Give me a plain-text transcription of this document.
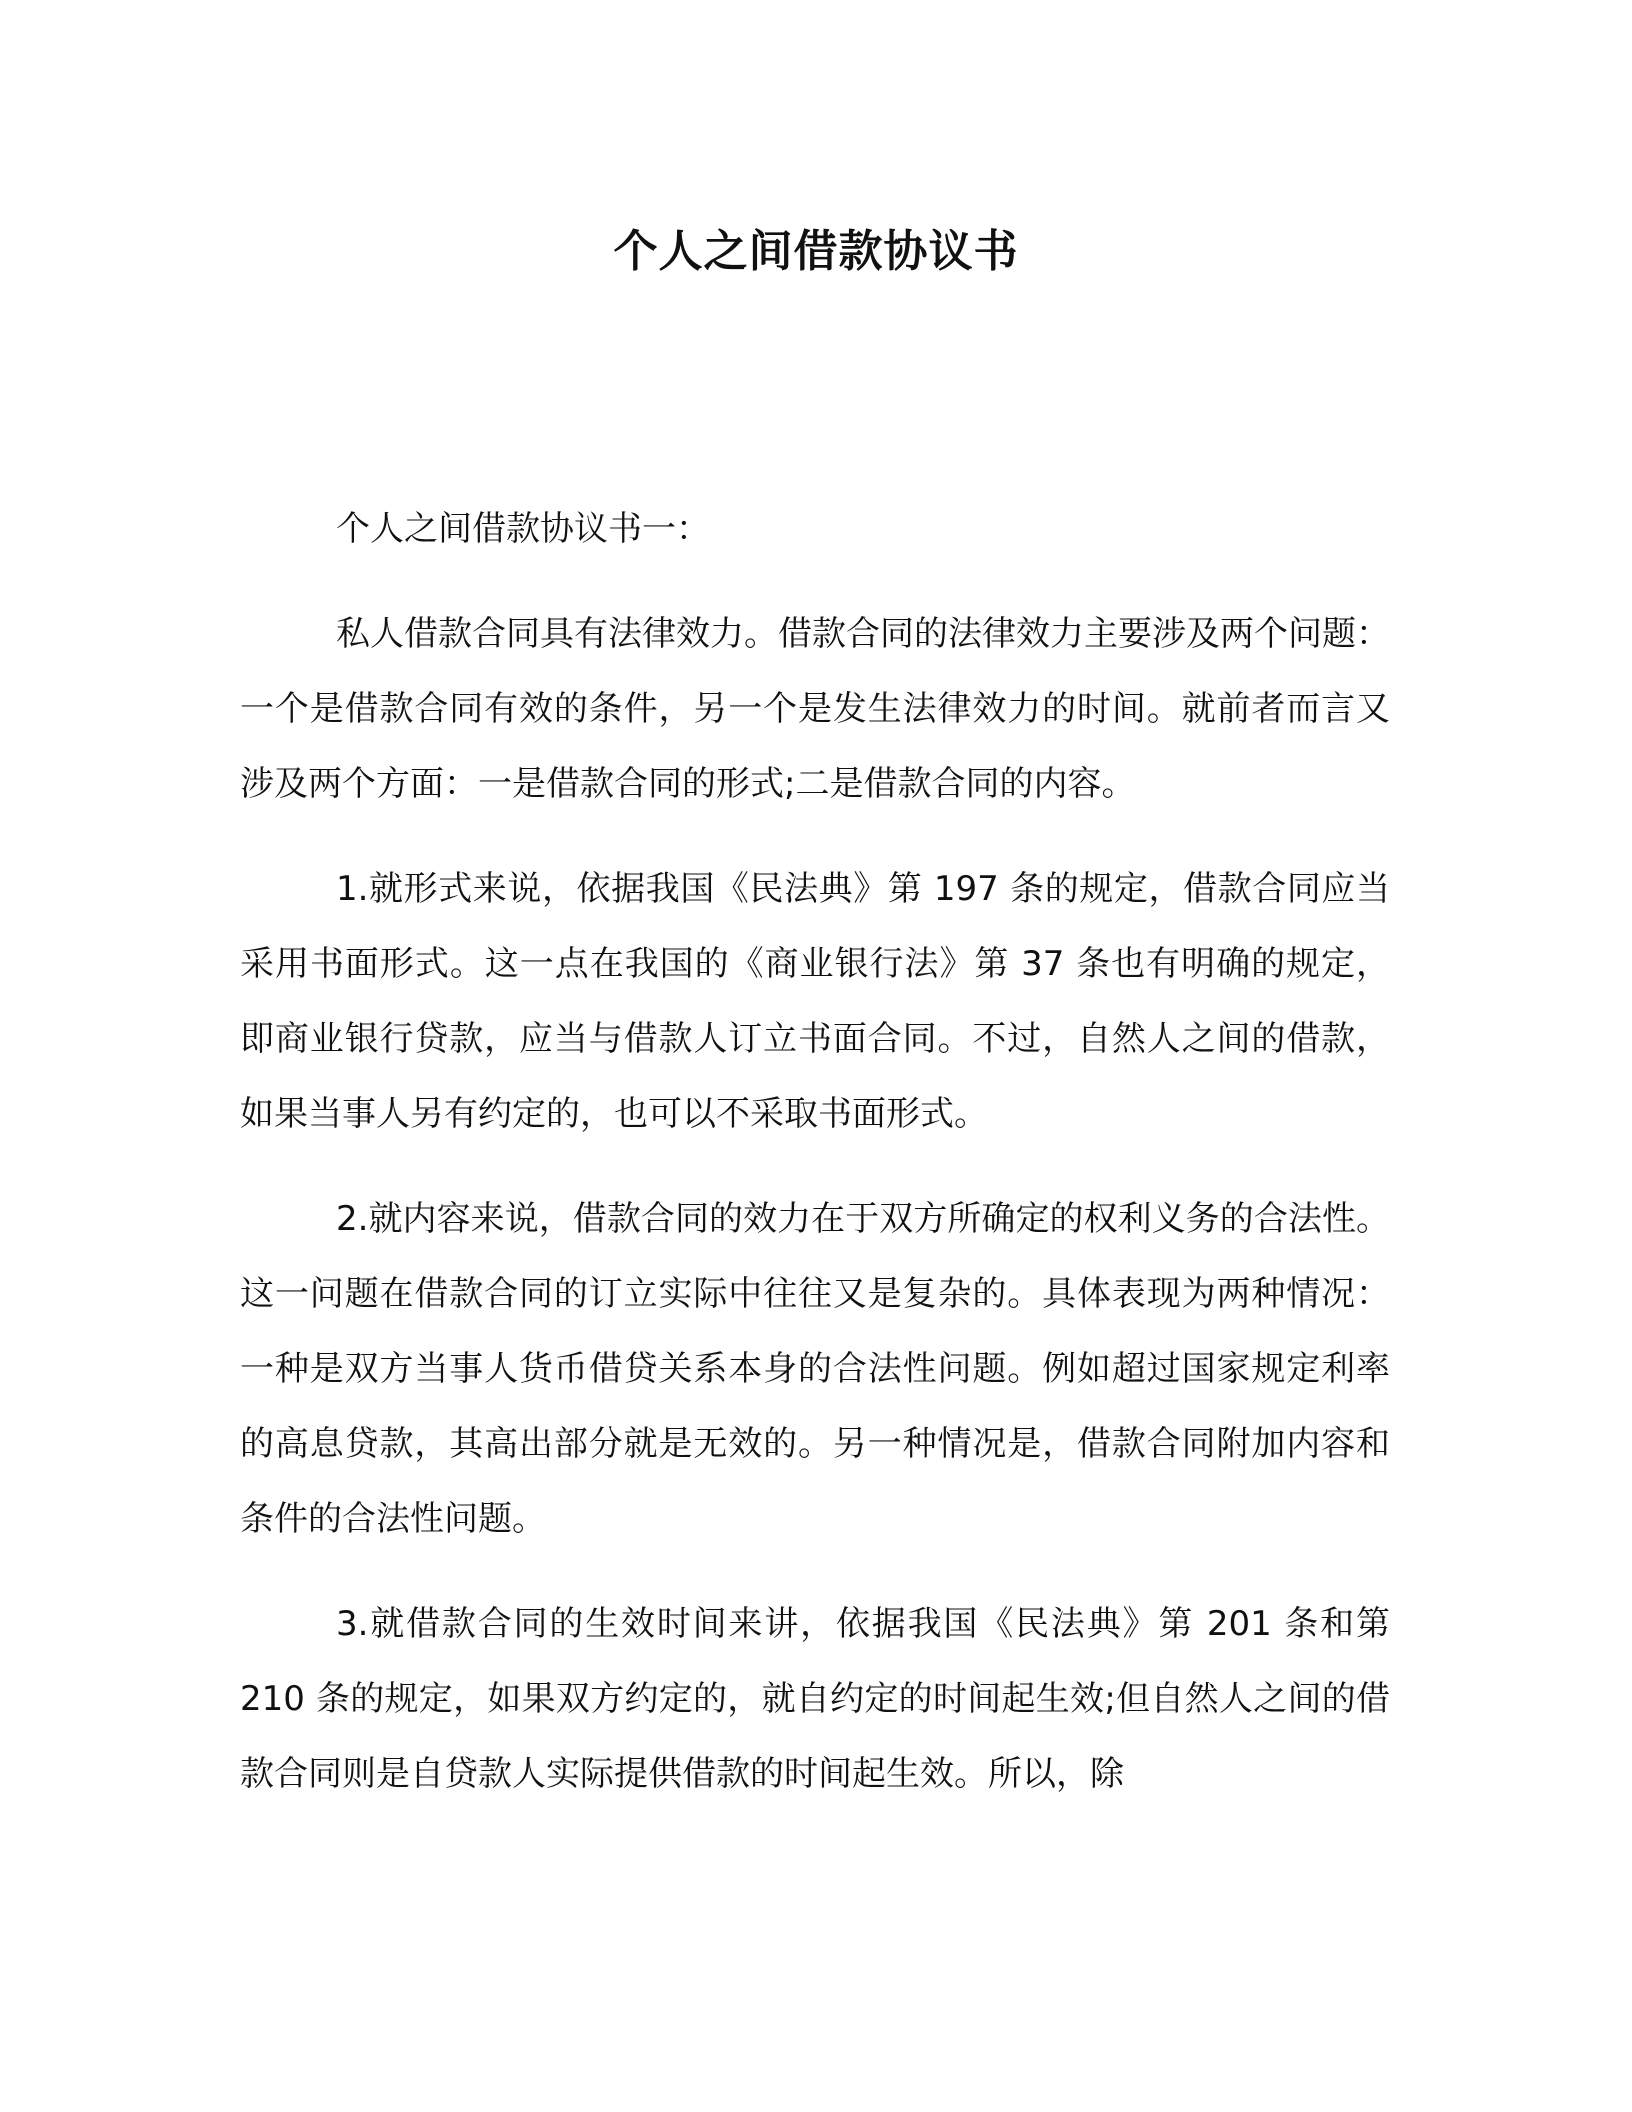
个人之间借款协议书

个人之间借款协议书一：

私人借款合同具有法律效力。借款合同的法律效力主要涉及两个问题：一个是借款合同有效的条件，另一个是发生法律效力的时间。就前者而言又涉及两个方面：一是借款合同的形式;二是借款合同的内容。

1.就形式来说，依据我国《民法典》第 197 条的规定，借款合同应当采用书面形式。这一点在我国的《商业银行法》第 37 条也有明确的规定，即商业银行贷款，应当与借款人订立书面合同。不过，自然人之间的借款，如果当事人另有约定的，也可以不采取书面形式。

2.就内容来说，借款合同的效力在于双方所确定的权利义务的合法性。这一问题在借款合同的订立实际中往往又是复杂的。具体表现为两种情况：一种是双方当事人货币借贷关系本身的合法性问题。例如超过国家规定利率的高息贷款，其高出部分就是无效的。另一种情况是，借款合同附加内容和条件的合法性问题。

3.就借款合同的生效时间来讲，依据我国《民法典》第 201 条和第 210 条的规定，如果双方约定的，就自约定的时间起生效;但自然人之间的借款合同则是自贷款人实际提供借款的时间起生效。所以，除
